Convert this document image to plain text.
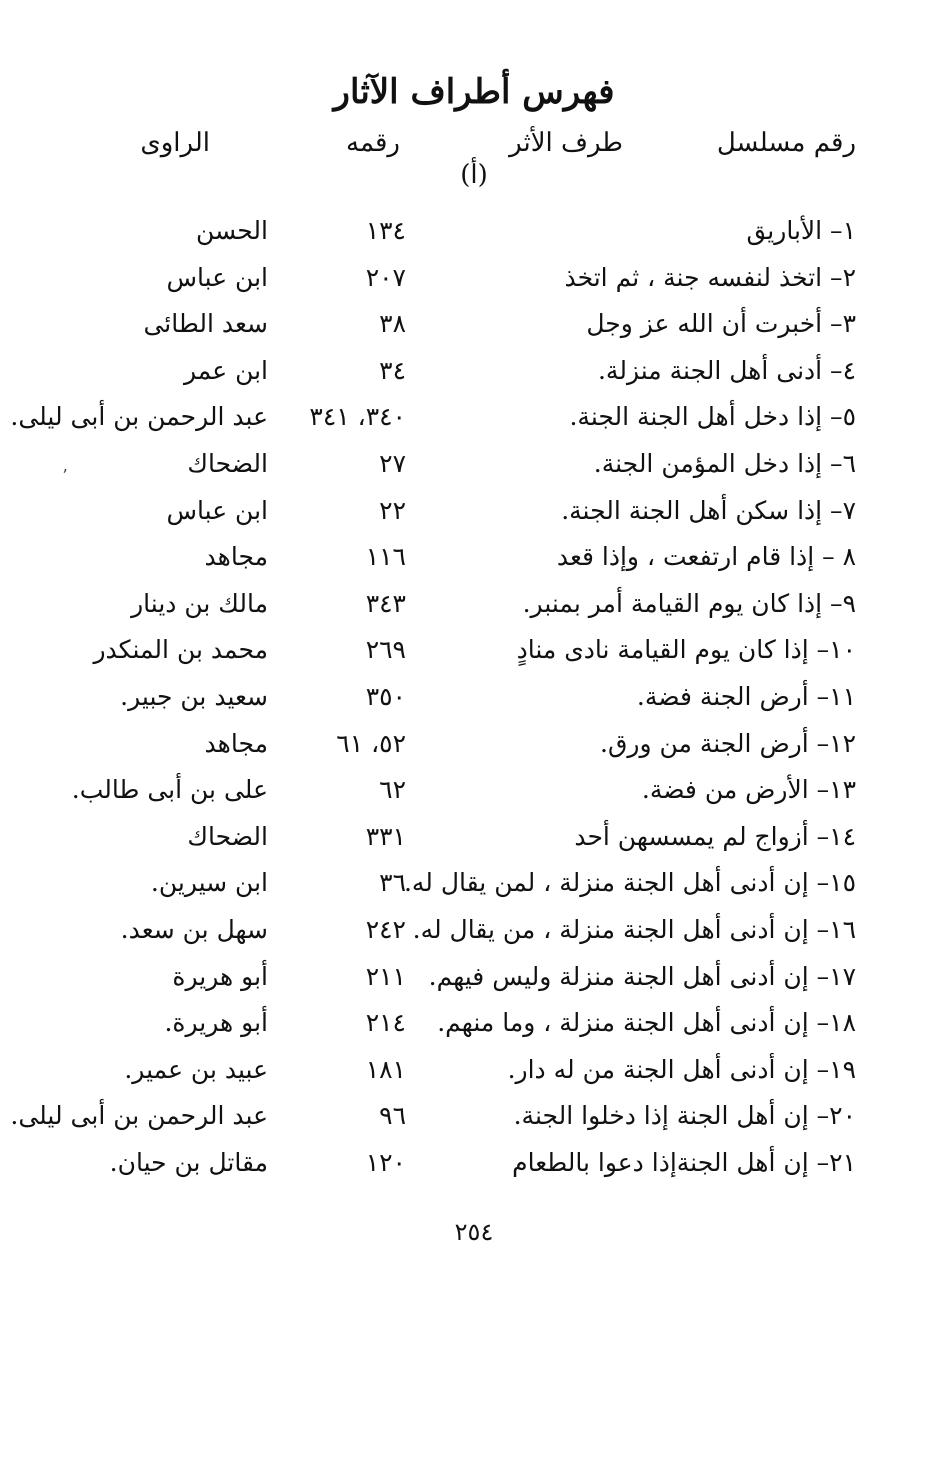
فهرس أطراف الآثار
رقم مسلسل
طرف الأثر
رقمه
الراوى
(أ)
١– الأباريق
١٣٤
الحسن
٢– اتخذ لنفسه جنة ، ثم اتخذ
٢٠٧
ابن عباس
٣– أخبرت أن الله عز وجل
٣٨
سعد الطائى
٤– أدنى أهل الجنة منزلة.
٣٤
ابن عمر
٥– إذا دخل أهل الجنة الجنة.
٣٤٠، ٣٤١
عبد الرحمن بن أبى ليلى.
٦– إذا دخل المؤمن الجنة.
٢٧
الضحاك
٧– إذا سكن أهل الجنة الجنة.
٢٢
ابن عباس
٨ – إذا قام ارتفعت ، وإذا قعد
١١٦
مجاهد
٩– إذا كان يوم القيامة أمر بمنبر.
٣٤٣
مالك بن دينار
١٠– إذا كان يوم القيامة نادى منادٍ
٢٦٩
محمد بن المنكدر
١١– أرض الجنة فضة.
٣٥٠
سعيد بن جبير.
١٢– أرض الجنة من ورق.
٥٢، ٦١
مجاهد
١٣– الأرض من فضة.
٦٢
على بن أبى طالب.
١٤– أزواج لم يمسسهن أحد
٣٣١
الضحاك
١٥– إن أدنى أهل الجنة منزلة ، لمن يقال له.
٣٦
ابن سيرين.
١٦– إن أدنى أهل الجنة منزلة ، من يقال له.
٢٤٢
سهل بن سعد.
١٧– إن أدنى أهل الجنة منزلة وليس فيهم.
٢١١
أبو هريرة
١٨– إن أدنى أهل الجنة منزلة ، وما منهم.
٢١٤
أبو هريرة.
١٩– إن أدنى أهل الجنة من له دار.
١٨١
عبيد بن عمير.
٢٠– إن أهل الجنة إذا دخلوا الجنة.
٩٦
عبد الرحمن بن أبى ليلى.
٢١– إن أهل الجنةإذا دعوا بالطعام
١٢٠
مقاتل بن حيان.
٢٥٤
ʼ
